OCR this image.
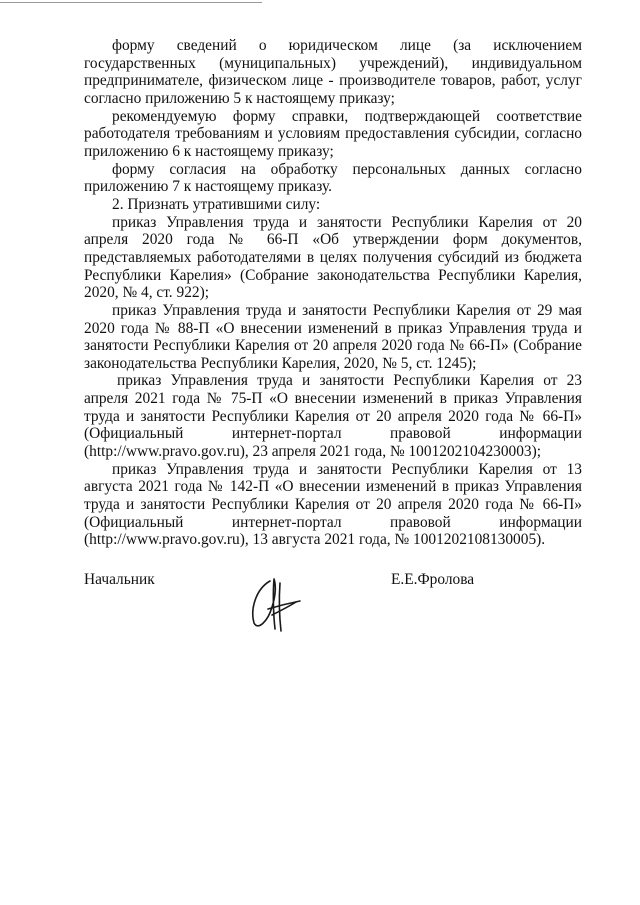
форму сведений о юридическом лице (за исключением государственных (муниципальных) учреждений), индивидуальном предпринимателе, физическом лице - производителе товаров, работ, услуг согласно приложению 5 к настоящему приказу;

рекомендуемую форму справки, подтверждающей соответствие работодателя требованиям и условиям предоставления субсидии, согласно приложению 6 к настоящему приказу;

форму согласия на обработку персональных данных согласно приложению 7 к настоящему приказу.

2. Признать утратившими силу:

приказ Управления труда и занятости Республики Карелия от 20 апреля 2020 года № 66-П «Об утверждении форм документов, представляемых работодателями в целях получения субсидий из бюджета Республики Карелия» (Собрание законодательства Республики Карелия, 2020, № 4, ст. 922);

приказ Управления труда и занятости Республики Карелия от 29 мая 2020 года № 88-П «О внесении изменений в приказ Управления труда и занятости Республики Карелия от 20 апреля 2020 года № 66-П» (Собрание законодательства Республики Карелия, 2020, № 5, ст. 1245);

приказ Управления труда и занятости Республики Карелия от 23 апреля 2021 года № 75-П «О внесении изменений в приказ Управления труда и занятости Республики Карелия от 20 апреля 2020 года № 66-П» (Официальный интернет-портал правовой информации (http://www.pravo.gov.ru), 23 апреля 2021 года, № 1001202104230003);

приказ Управления труда и занятости Республики Карелия от 13 августа 2021 года № 142-П «О внесении изменений в приказ Управления труда и занятости Республики Карелия от 20 апреля 2020 года № 66-П» (Официальный интернет-портал правовой информации (http://www.pravo.gov.ru), 13 августа 2021 года, № 1001202108130005).

Начальник	Е.Е.Фролова
